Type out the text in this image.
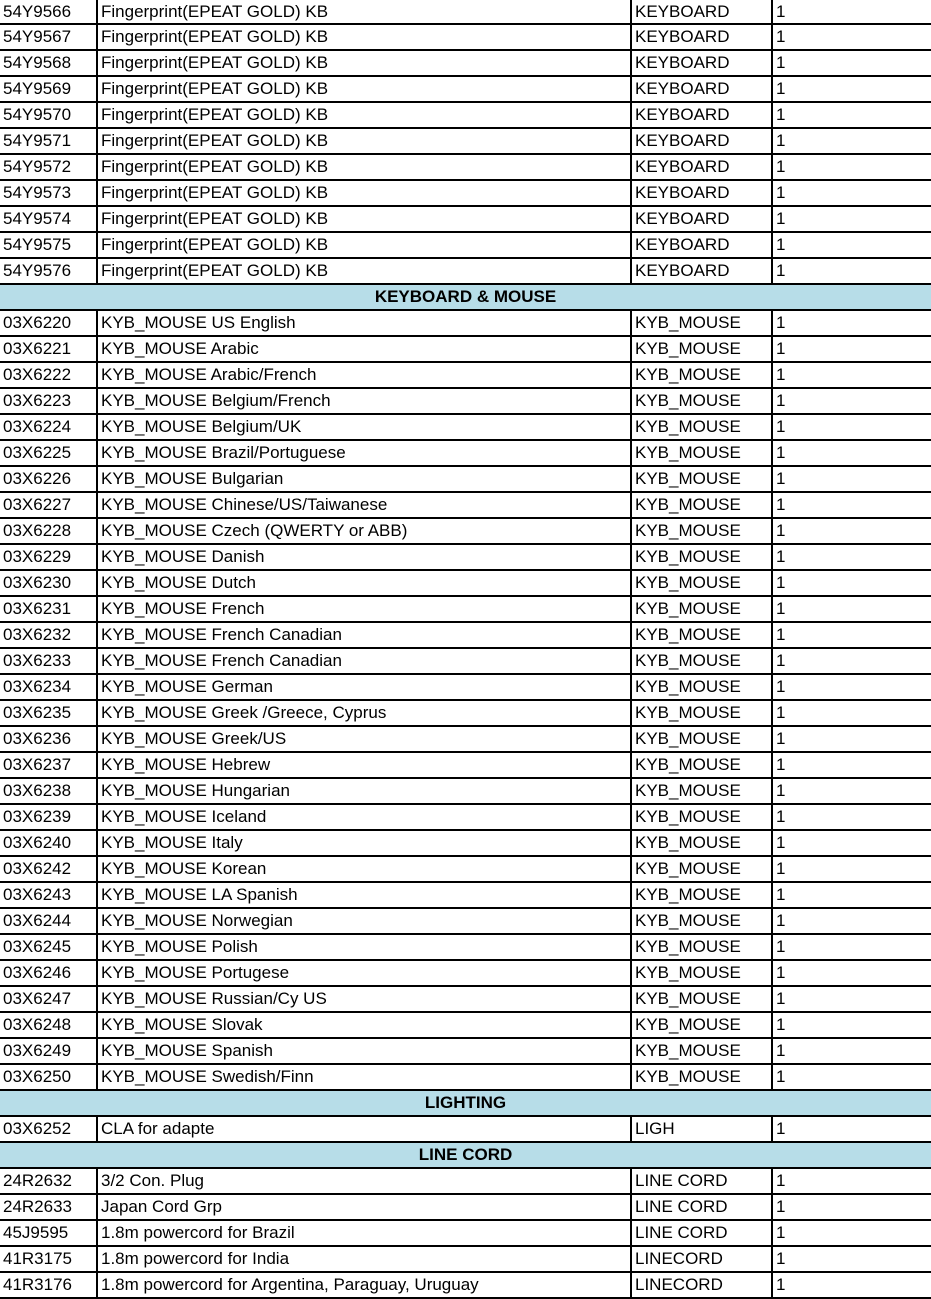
54Y9566	Fingerprint(EPEAT GOLD) KB	KEYBOARD	1
54Y9567	Fingerprint(EPEAT GOLD) KB	KEYBOARD	1
54Y9568	Fingerprint(EPEAT GOLD) KB	KEYBOARD	1
54Y9569	Fingerprint(EPEAT GOLD) KB	KEYBOARD	1
54Y9570	Fingerprint(EPEAT GOLD) KB	KEYBOARD	1
54Y9571	Fingerprint(EPEAT GOLD) KB	KEYBOARD	1
54Y9572	Fingerprint(EPEAT GOLD) KB	KEYBOARD	1
54Y9573	Fingerprint(EPEAT GOLD) KB	KEYBOARD	1
54Y9574	Fingerprint(EPEAT GOLD) KB	KEYBOARD	1
54Y9575	Fingerprint(EPEAT GOLD) KB	KEYBOARD	1
54Y9576	Fingerprint(EPEAT GOLD) KB	KEYBOARD	1
KEYBOARD & MOUSE			
03X6220	KYB_MOUSE US English	KYB_MOUSE	1
03X6221	KYB_MOUSE Arabic	KYB_MOUSE	1
03X6222	KYB_MOUSE Arabic/French	KYB_MOUSE	1
03X6223	KYB_MOUSE Belgium/French	KYB_MOUSE	1
03X6224	KYB_MOUSE Belgium/UK	KYB_MOUSE	1
03X6225	KYB_MOUSE Brazil/Portuguese	KYB_MOUSE	1
03X6226	KYB_MOUSE Bulgarian	KYB_MOUSE	1
03X6227	KYB_MOUSE Chinese/US/Taiwanese	KYB_MOUSE	1
03X6228	KYB_MOUSE Czech (QWERTY or ABB)	KYB_MOUSE	1
03X6229	KYB_MOUSE Danish	KYB_MOUSE	1
03X6230	KYB_MOUSE Dutch	KYB_MOUSE	1
03X6231	KYB_MOUSE French	KYB_MOUSE	1
03X6232	KYB_MOUSE French Canadian	KYB_MOUSE	1
03X6233	KYB_MOUSE French Canadian	KYB_MOUSE	1
03X6234	KYB_MOUSE German	KYB_MOUSE	1
03X6235	KYB_MOUSE Greek /Greece, Cyprus	KYB_MOUSE	1
03X6236	KYB_MOUSE Greek/US	KYB_MOUSE	1
03X6237	KYB_MOUSE Hebrew	KYB_MOUSE	1
03X6238	KYB_MOUSE Hungarian	KYB_MOUSE	1
03X6239	KYB_MOUSE Iceland	KYB_MOUSE	1
03X6240	KYB_MOUSE Italy	KYB_MOUSE	1
03X6242	KYB_MOUSE Korean	KYB_MOUSE	1
03X6243	KYB_MOUSE LA Spanish	KYB_MOUSE	1
03X6244	KYB_MOUSE Norwegian	KYB_MOUSE	1
03X6245	KYB_MOUSE Polish	KYB_MOUSE	1
03X6246	KYB_MOUSE Portugese	KYB_MOUSE	1
03X6247	KYB_MOUSE Russian/Cy US	KYB_MOUSE	1
03X6248	KYB_MOUSE Slovak	KYB_MOUSE	1
03X6249	KYB_MOUSE Spanish	KYB_MOUSE	1
03X6250	KYB_MOUSE Swedish/Finn	KYB_MOUSE	1
LIGHTING			
03X6252	CLA for adapte	LIGH	1
LINE CORD			
24R2632	3/2 Con. Plug	LINE CORD	1
24R2633	Japan Cord Grp	LINE CORD	1
45J9595	1.8m powercord for Brazil	LINE CORD	1
41R3175	1.8m powercord for India	LINECORD	1
41R3176	1.8m powercord for Argentina, Paraguay, Uruguay	LINECORD	1
